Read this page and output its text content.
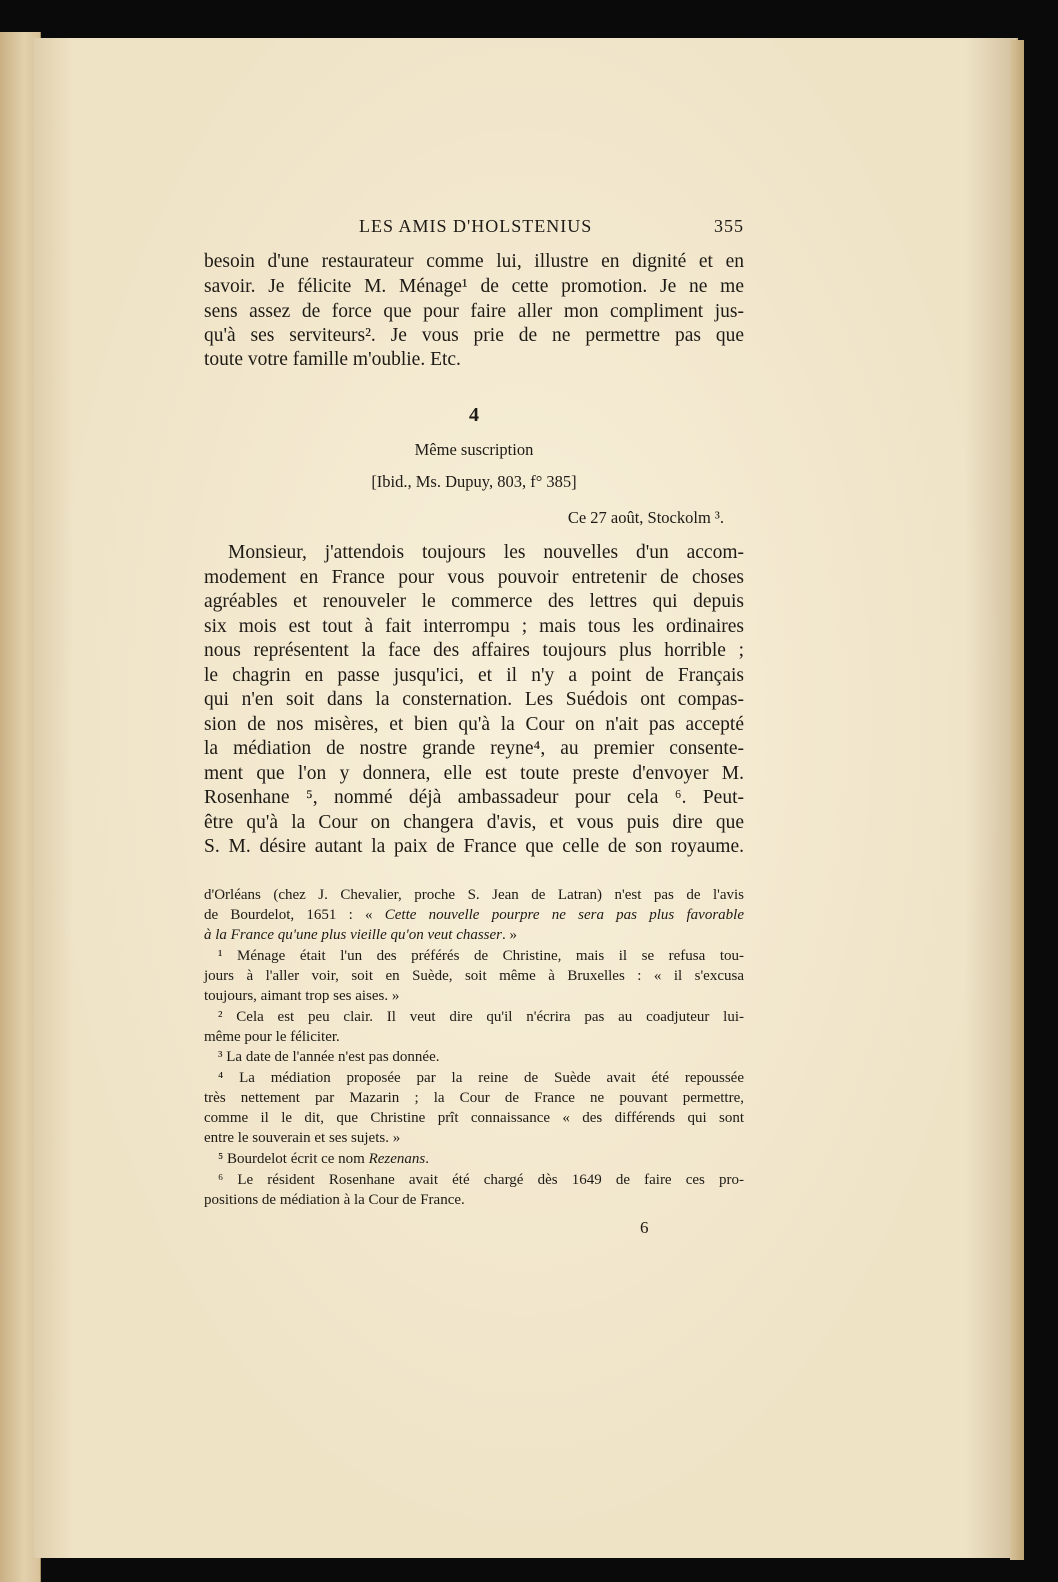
LES AMIS D'HOLSTENIUS	355
besoin d'une restaurateur comme lui, illustre en dignité et en
savoir. Je félicite M. Ménage¹ de cette promotion. Je ne me
sens assez de force que pour faire aller mon compliment jus-
qu'à ses serviteurs². Je vous prie de ne permettre pas que
toute votre famille m'oublie. Etc.
4
Même suscription
[Ibid., Ms. Dupuy, 803, f° 385]
Ce 27 août, Stockolm ³.
Monsieur, j'attendois toujours les nouvelles d'un accom-
modement en France pour vous pouvoir entretenir de choses
agréables et renouveler le commerce des lettres qui depuis
six mois est tout à fait interrompu ; mais tous les ordinaires
nous représentent la face des affaires toujours plus horrible ;
le chagrin en passe jusqu'ici, et il n'y a point de Français
qui n'en soit dans la consternation. Les Suédois ont compas-
sion de nos misères, et bien qu'à la Cour on n'ait pas accepté
la médiation de nostre grande reyne⁴, au premier consente-
ment que l'on y donnera, elle est toute preste d'envoyer M.
Rosenhane ⁵, nommé déjà ambassadeur pour cela ⁶. Peut-
être qu'à la Cour on changera d'avis, et vous puis dire que
S. M. désire autant la paix de France que celle de son royaume.
d'Orléans (chez J. Chevalier, proche S. Jean de Latran) n'est pas de l'avis
de Bourdelot, 1651 : « Cette nouvelle pourpre ne sera pas plus favorable
à la France qu'une plus vieille qu'on veut chasser. »
¹ Ménage était l'un des préférés de Christine, mais il se refusa tou-
jours à l'aller voir, soit en Suède, soit même à Bruxelles : « il s'excusa
toujours, aimant trop ses aises. »
² Cela est peu clair. Il veut dire qu'il n'écrira pas au coadjuteur lui-
même pour le féliciter.
³ La date de l'année n'est pas donnée.
⁴ La médiation proposée par la reine de Suède avait été repoussée
très nettement par Mazarin ; la Cour de France ne pouvant permettre,
comme il le dit, que Christine prît connaissance « des différends qui sont
entre le souverain et ses sujets. »
⁵ Bourdelot écrit ce nom Rezenans.
⁶ Le résident Rosenhane avait été chargé dès 1649 de faire ces pro-
positions de médiation à la Cour de France.
6
